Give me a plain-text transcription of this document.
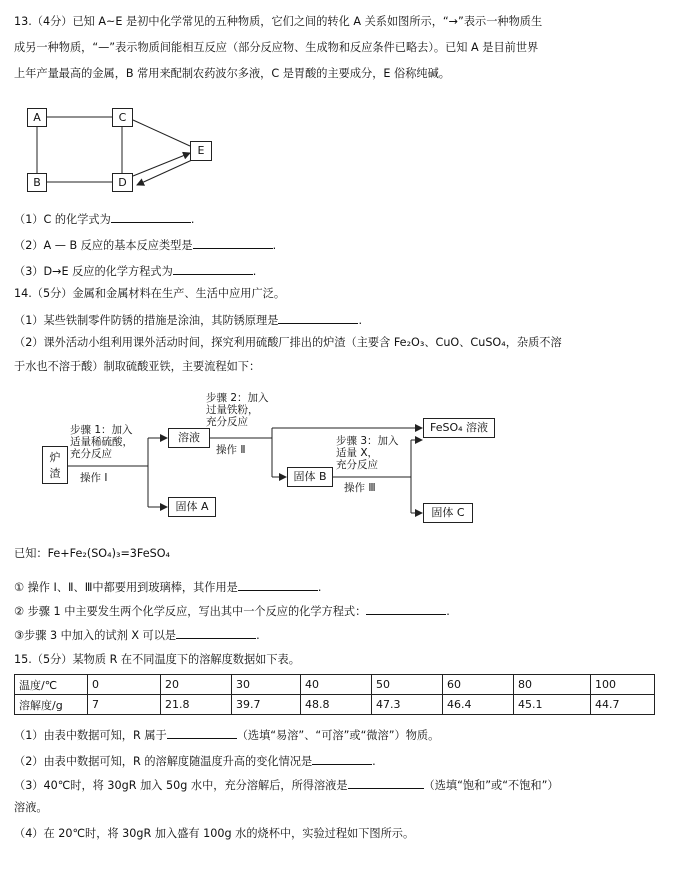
13.（4分）已知 A~E 是初中化学常见的五种物质，它们之间的转化 A 关系如图所示，“→”表示一种物质生
成另一种物质，“—”表示物质间能相互反应（部分反应物、生成物和反应条件已略去）。已知 A 是目前世界
上年产量最高的金属，B 常用来配制农药波尔多液，C 是胃酸的主要成分，E 俗称纯碱。
A	C
E
B	D
（1）C 的化学式为	.
（2）A — B 反应的基本反应类型是	.
（3）D→E 反应的化学方程式为	.
14.（5分）金属和金属材料在生产、生活中应用广泛。
（1）某些铁制零件防锈的措施是涂油，其防锈原理是	.
（2）课外活动小组利用课外活动时间，探究利用硫酸厂排出的炉渣（主要含 Fe₂O₃、CuO、CuSO₄，杂质不溶
于水也不溶于酸）制取硫酸亚铁，主要流程如下：
炉
渣
步骤 1：加入
适量稀硫酸，
充分反应
操作 Ⅰ
溶液
固体 A
步骤 2：加入
过量铁粉，
充分反应
操作 Ⅱ
固体 B
步骤 3：加入
适量 X，
充分反应
操作 Ⅲ
FeSO₄ 溶液
固体 C
已知：Fe+Fe₂(SO₄)₃=3FeSO₄
① 操作 Ⅰ、Ⅱ、Ⅲ中都要用到玻璃棒，其作用是	.
② 步骤 1 中主要发生两个化学反应，写出其中一个反应的化学方程式：	.
③步骤 3 中加入的试剂 X 可以是	.
15.（5分）某物质 R 在不同温度下的溶解度数据如下表。
温度/℃	0	20	30	40	50	60	80	100
溶解度/g	7	21.8	39.7	48.8	47.3	46.4	45.1	44.7
（1）由表中数据可知，R 属于	（选填“易溶”、“可溶”或“微溶”）物质。
（2）由表中数据可知，R 的溶解度随温度升高的变化情况是	.
（3）40℃时，将 30gR 加入 50g 水中，充分溶解后，所得溶液是	（选填“饱和”或“不饱和”）
溶液。
（4）在 20℃时，将 30gR 加入盛有 100g 水的烧杯中，实验过程如下图所示。
